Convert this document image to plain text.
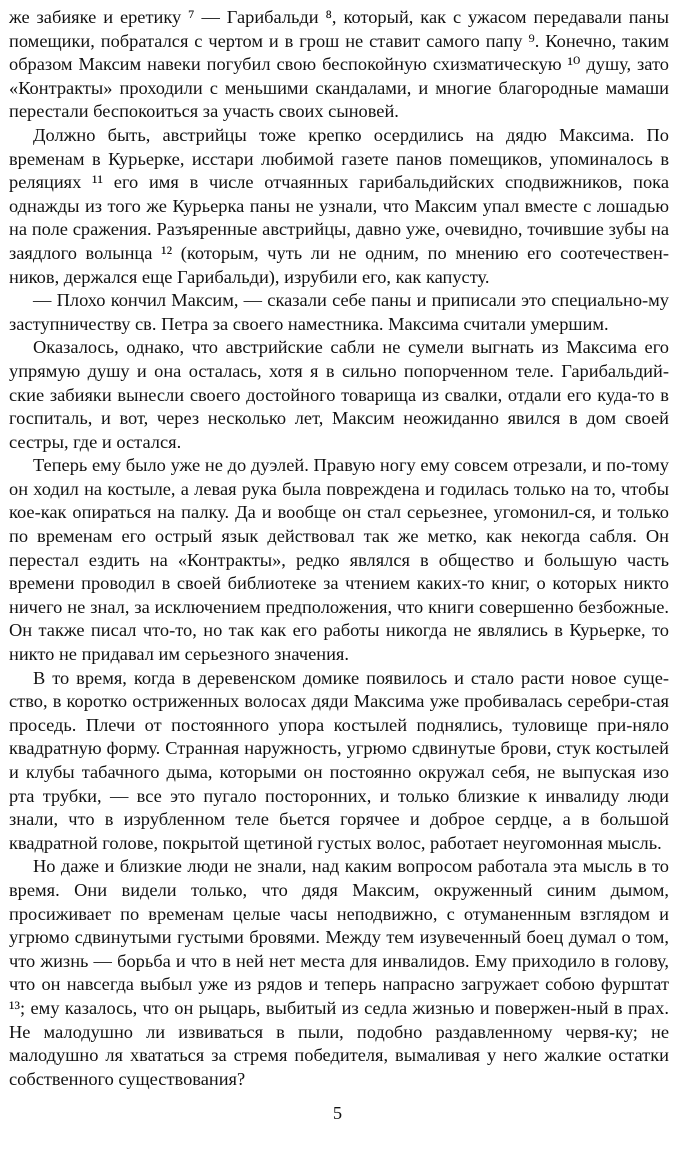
же забияке и еретику ⁷ — Гарибальди ⁸, который, как с ужасом передавали паны помещики, побратался с чертом и в грош не ставит самого папу ⁹. Конечно, таким образом Максим навеки погубил свою беспокойную схизматическую ¹⁰ душу, зато «Контракты» проходили с меньшими скандалами, и многие благородные мамаши перестали беспокоиться за участь своих сыновей.

Должно быть, австрийцы тоже крепко осердились на дядю Максима. По временам в Курьерке, исстари любимой газете панов помещиков, упоминалось в реляциях ¹¹ его имя в числе отчаянных гарибальдийских сподвижников, пока однажды из того же Курьерка паны не узнали, что Максим упал вместе с лошадью на поле сражения. Разъяренные австрийцы, давно уже, очевидно, точившие зубы на заядлого волынца ¹² (которым, чуть ли не одним, по мнению его соотечествен-ников, держался еще Гарибальди), изрубили его, как капусту.

— Плохо кончил Максим, — сказали себе паны и приписали это специально-му заступничеству св. Петра за своего наместника. Максима считали умершим.

Оказалось, однако, что австрийские сабли не сумели выгнать из Максима его упрямую душу и она осталась, хотя я в сильно попорченном теле. Гарибальдий-ские забияки вынесли своего достойного товарища из свалки, отдали его куда-то в госпиталь, и вот, через несколько лет, Максим неожиданно явился в дом своей сестры, где и остался.

Теперь ему было уже не до дуэлей. Правую ногу ему совсем отрезали, и по-тому он ходил на костыле, а левая рука была повреждена и годилась только на то, чтобы кое-как опираться на палку. Да и вообще он стал серьезнее, угомонил-ся, и только по временам его острый язык действовал так же метко, как некогда сабля. Он перестал ездить на «Контракты», редко являлся в общество и большую часть времени проводил в своей библиотеке за чтением каких-то книг, о которых никто ничего не знал, за исключением предположения, что книги совершенно безбожные. Он также писал что-то, но так как его работы никогда не являлись в Курьерке, то никто не придавал им серьезного значения.

В то время, когда в деревенском домике появилось и стало расти новое суще-ство, в коротко остриженных волосах дяди Максима уже пробивалась серебри-стая проседь. Плечи от постоянного упора костылей поднялись, туловище при-няло квадратную форму. Странная наружность, угрюмо сдвинутые брови, стук костылей и клубы табачного дыма, которыми он постоянно окружал себя, не выпуская изо рта трубки, — все это пугало посторонних, и только близкие к инвалиду люди знали, что в изрубленном теле бьется горячее и доброе сердце, а в большой квадратной голове, покрытой щетиной густых волос, работает неугомонная мысль.

Но даже и близкие люди не знали, над каким вопросом работала эта мысль в то время. Они видели только, что дядя Максим, окруженный синим дымом, просиживает по временам целые часы неподвижно, с отуманенным взглядом и угрюмо сдвинутыми густыми бровями. Между тем изувеченный боец думал о том, что жизнь — борьба и что в ней нет места для инвалидов. Ему приходило в голову, что он навсегда выбыл уже из рядов и теперь напрасно загружает собою фурштат ¹³; ему казалось, что он рыцарь, выбитый из седла жизнью и повержен-ный в прах. Не малодушно ли извиваться в пыли, подобно раздавленному червя-ку; не малодушно ля хвататься за стремя победителя, вымаливая у него жалкие остатки собственного существования?

5
